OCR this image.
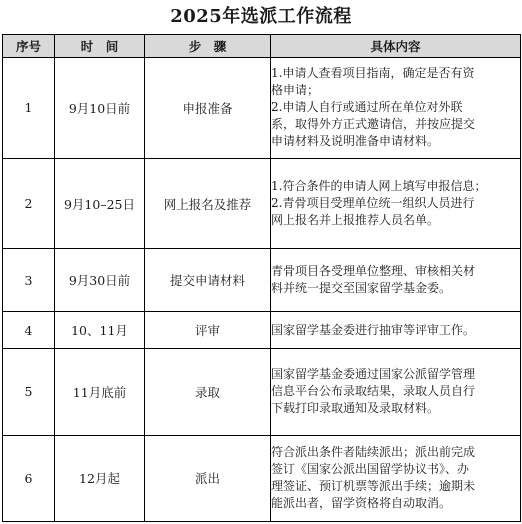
2025年选派工作流程
序号	时　间	步　骤	具体内容
1	9月10日前	申报准备	1.申请人查看项目指南，确定是否有资
格申请；
2.申请人自行或通过所在单位对外联
系，取得外方正式邀请信，并按应提交
申请材料及说明准备申请材料。

2	9月10–25日	网上报名及推荐	1.符合条件的申请人网上填写申报信息；
2.青骨项目受理单位统一组织人员进行
网上报名并上报推荐人员名单。

3	9月30日前	提交申请材料	青骨项目各受理单位整理、审核相关材
料并统一提交至国家留学基金委。

4	10、11月	评审	国家留学基金委进行抽审等评审工作。

5	11月底前	录取	国家留学基金委通过国家公派留学管理
信息平台公布录取结果，录取人员自行
下载打印录取通知及录取材料。

6	12月起	派出	符合派出条件者陆续派出；派出前完成
签订《国家公派出国留学协议书》、办
理签证、预订机票等派出手续；逾期未
能派出者，留学资格将自动取消。
